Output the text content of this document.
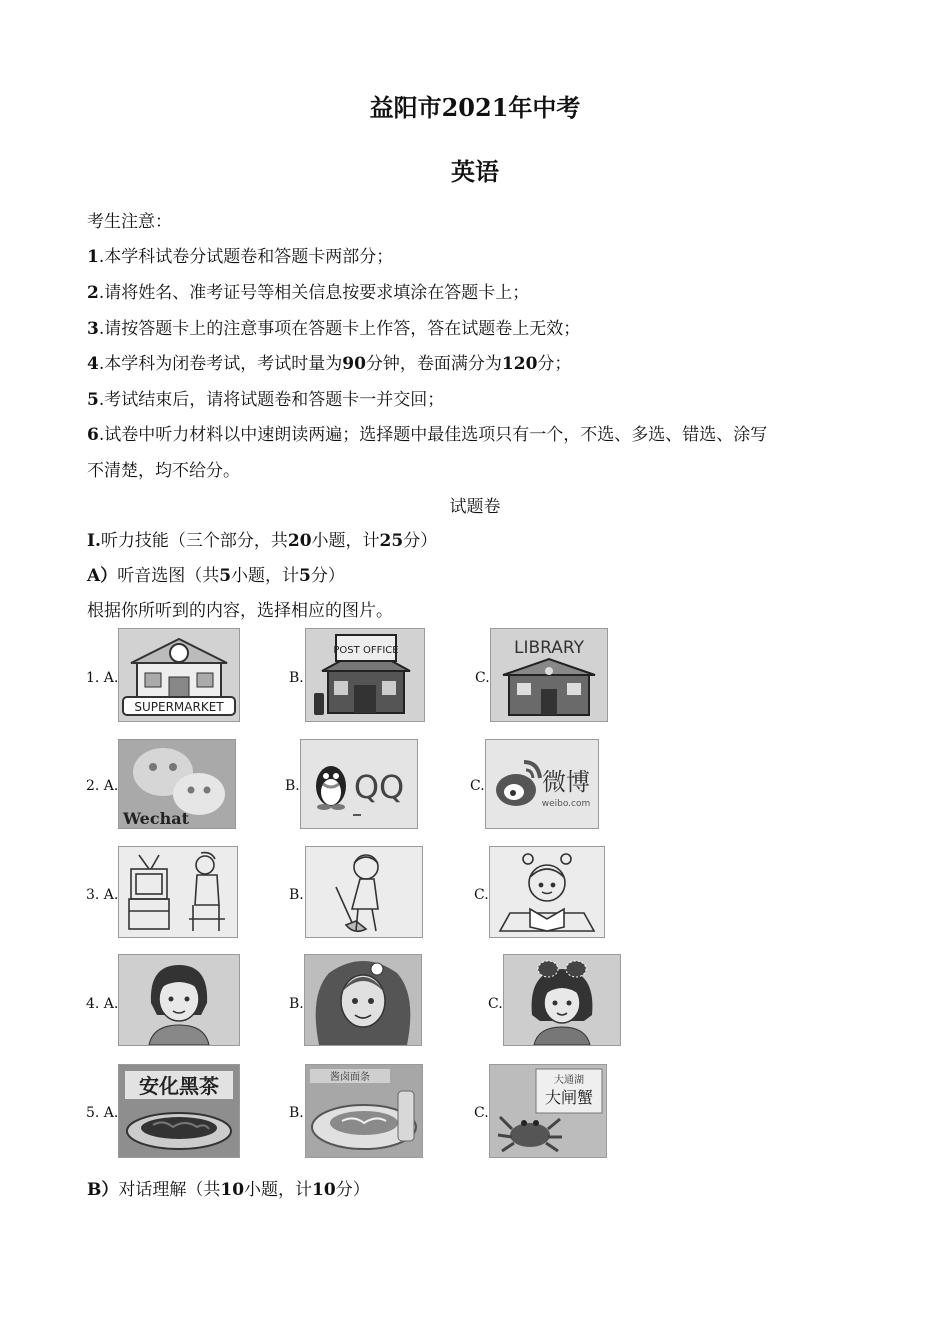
益阳市2021年中考
英语
考生注意：
1.本学科试卷分试题卷和答题卡两部分；
2.请将姓名、准考证号等相关信息按要求填涂在答题卡上；
3.请按答题卡上的注意事项在答题卡上作答，答在试题卷上无效；
4.本学科为闭卷考试，考试时量为90分钟，卷面满分为120分；
5.考试结束后，请将试题卷和答题卡一并交回；
6.试卷中听力材料以中速朗读两遍；选择题中最佳选项只有一个，不选、多选、错选、涂写
不清楚，均不给分。
试题卷
I.听力技能（三个部分，共20小题，计25分）
A）听音选图（共5小题，计5分）
根据你所听到的内容，选择相应的图片。
1. A.
SUPERMARKET
B.
POST OFFICE
C.
LIBRARY
2. A.
Wechat
B. QQ	C. 微博
weibo.com
3. A.	B.	C.
4. A.	B.	C.
5. A.
安化黑茶
B.
酱卤面条
C.
大通湖
大闸蟹
B）对话理解（共10小题，计10分）
